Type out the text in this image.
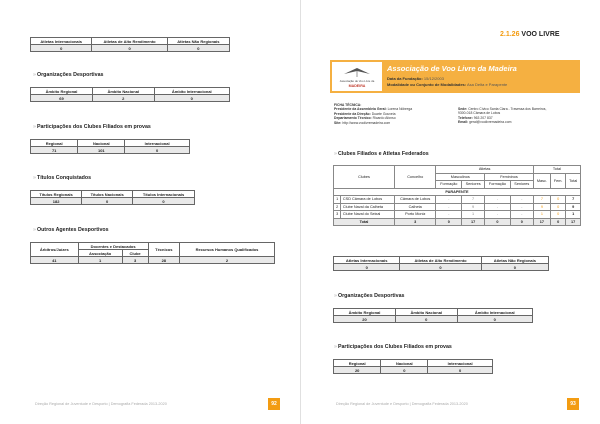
Atletas Internacionais	Atletas de Alto Rendimento	Atletas Não Regionais
0	0	0
»Organizações Desportivas
Âmbito Regional	Âmbito Nacional	Âmbito Internacional
69	2	0
»Participações dos Clubes Filiados em provas
Regional	Nacional	Internacional
71	101	0
»Títulos Conquistados
Títulos Regionais	Títulos Nacionais	Títulos Internacionais
182	0	0
»Outros Agentes Desportivos
Árbitros/Juízes	Docentes e Destacados		Técnicos	Recursos Humanos Qualificados
	Associação	Clube		
41	1	3	28	2
Direção Regional de Juventude e Desporto | Demografia Federada 2013-2020	92
2.1.26 VOO LIVRE
Associação de Voo Livre da
MADEIRA
Associação de Voo Livre da Madeira
Data da Fundação: 15/12/2003
Modalidade ou Conjunto de Modalidades: Asa Delta e Parapente
FICHA TÉCNICA:
Presidente da Assembleia Geral: Lorena Nóbrega
Presidente da Direção: Duarte Gouveia
Departamento Técnico: Ricardo Afonso
Site: http://www.voolivremadeira.com
Sede: Centro Cívico Santa Clara - Travessa dos Barreiros,
9300-018 Câmara de Lobos
Telefone: 963 207 837
Email: geral@voolivremadeira.com
»Clubes Filiados e Atletas Federados
Clubes		Concelho	Atletas				Total		
			Masculinos		Femininos		Masc.	Fem.	Total
			Formação	Seniores	Formação	Seniores			
PARAPENTE									
1	CSD Câmara de Lobos	Câmara de Lobos	-	7	-	-	7	0	7
2	Clube Naval da Calheta	Calheta	-	9	-	-	9	0	9
3	Clube Naval do Seixal	Porto Moniz	-	1	-	-	1	0	1
Total		3	0	17	0	0	17	0	17
Atletas Internacionais	Atletas de Alto Rendimento	Atletas Não Regionais
0	0	0
»Organizações Desportivas
Âmbito Regional	Âmbito Nacional	Âmbito Internacional
20	0	0
»Participações dos Clubes Filiados em provas
Regional	Nacional	Internacional
20	0	0
Direção Regional de Juventude e Desporto | Demografia Federada 2013-2020	93
